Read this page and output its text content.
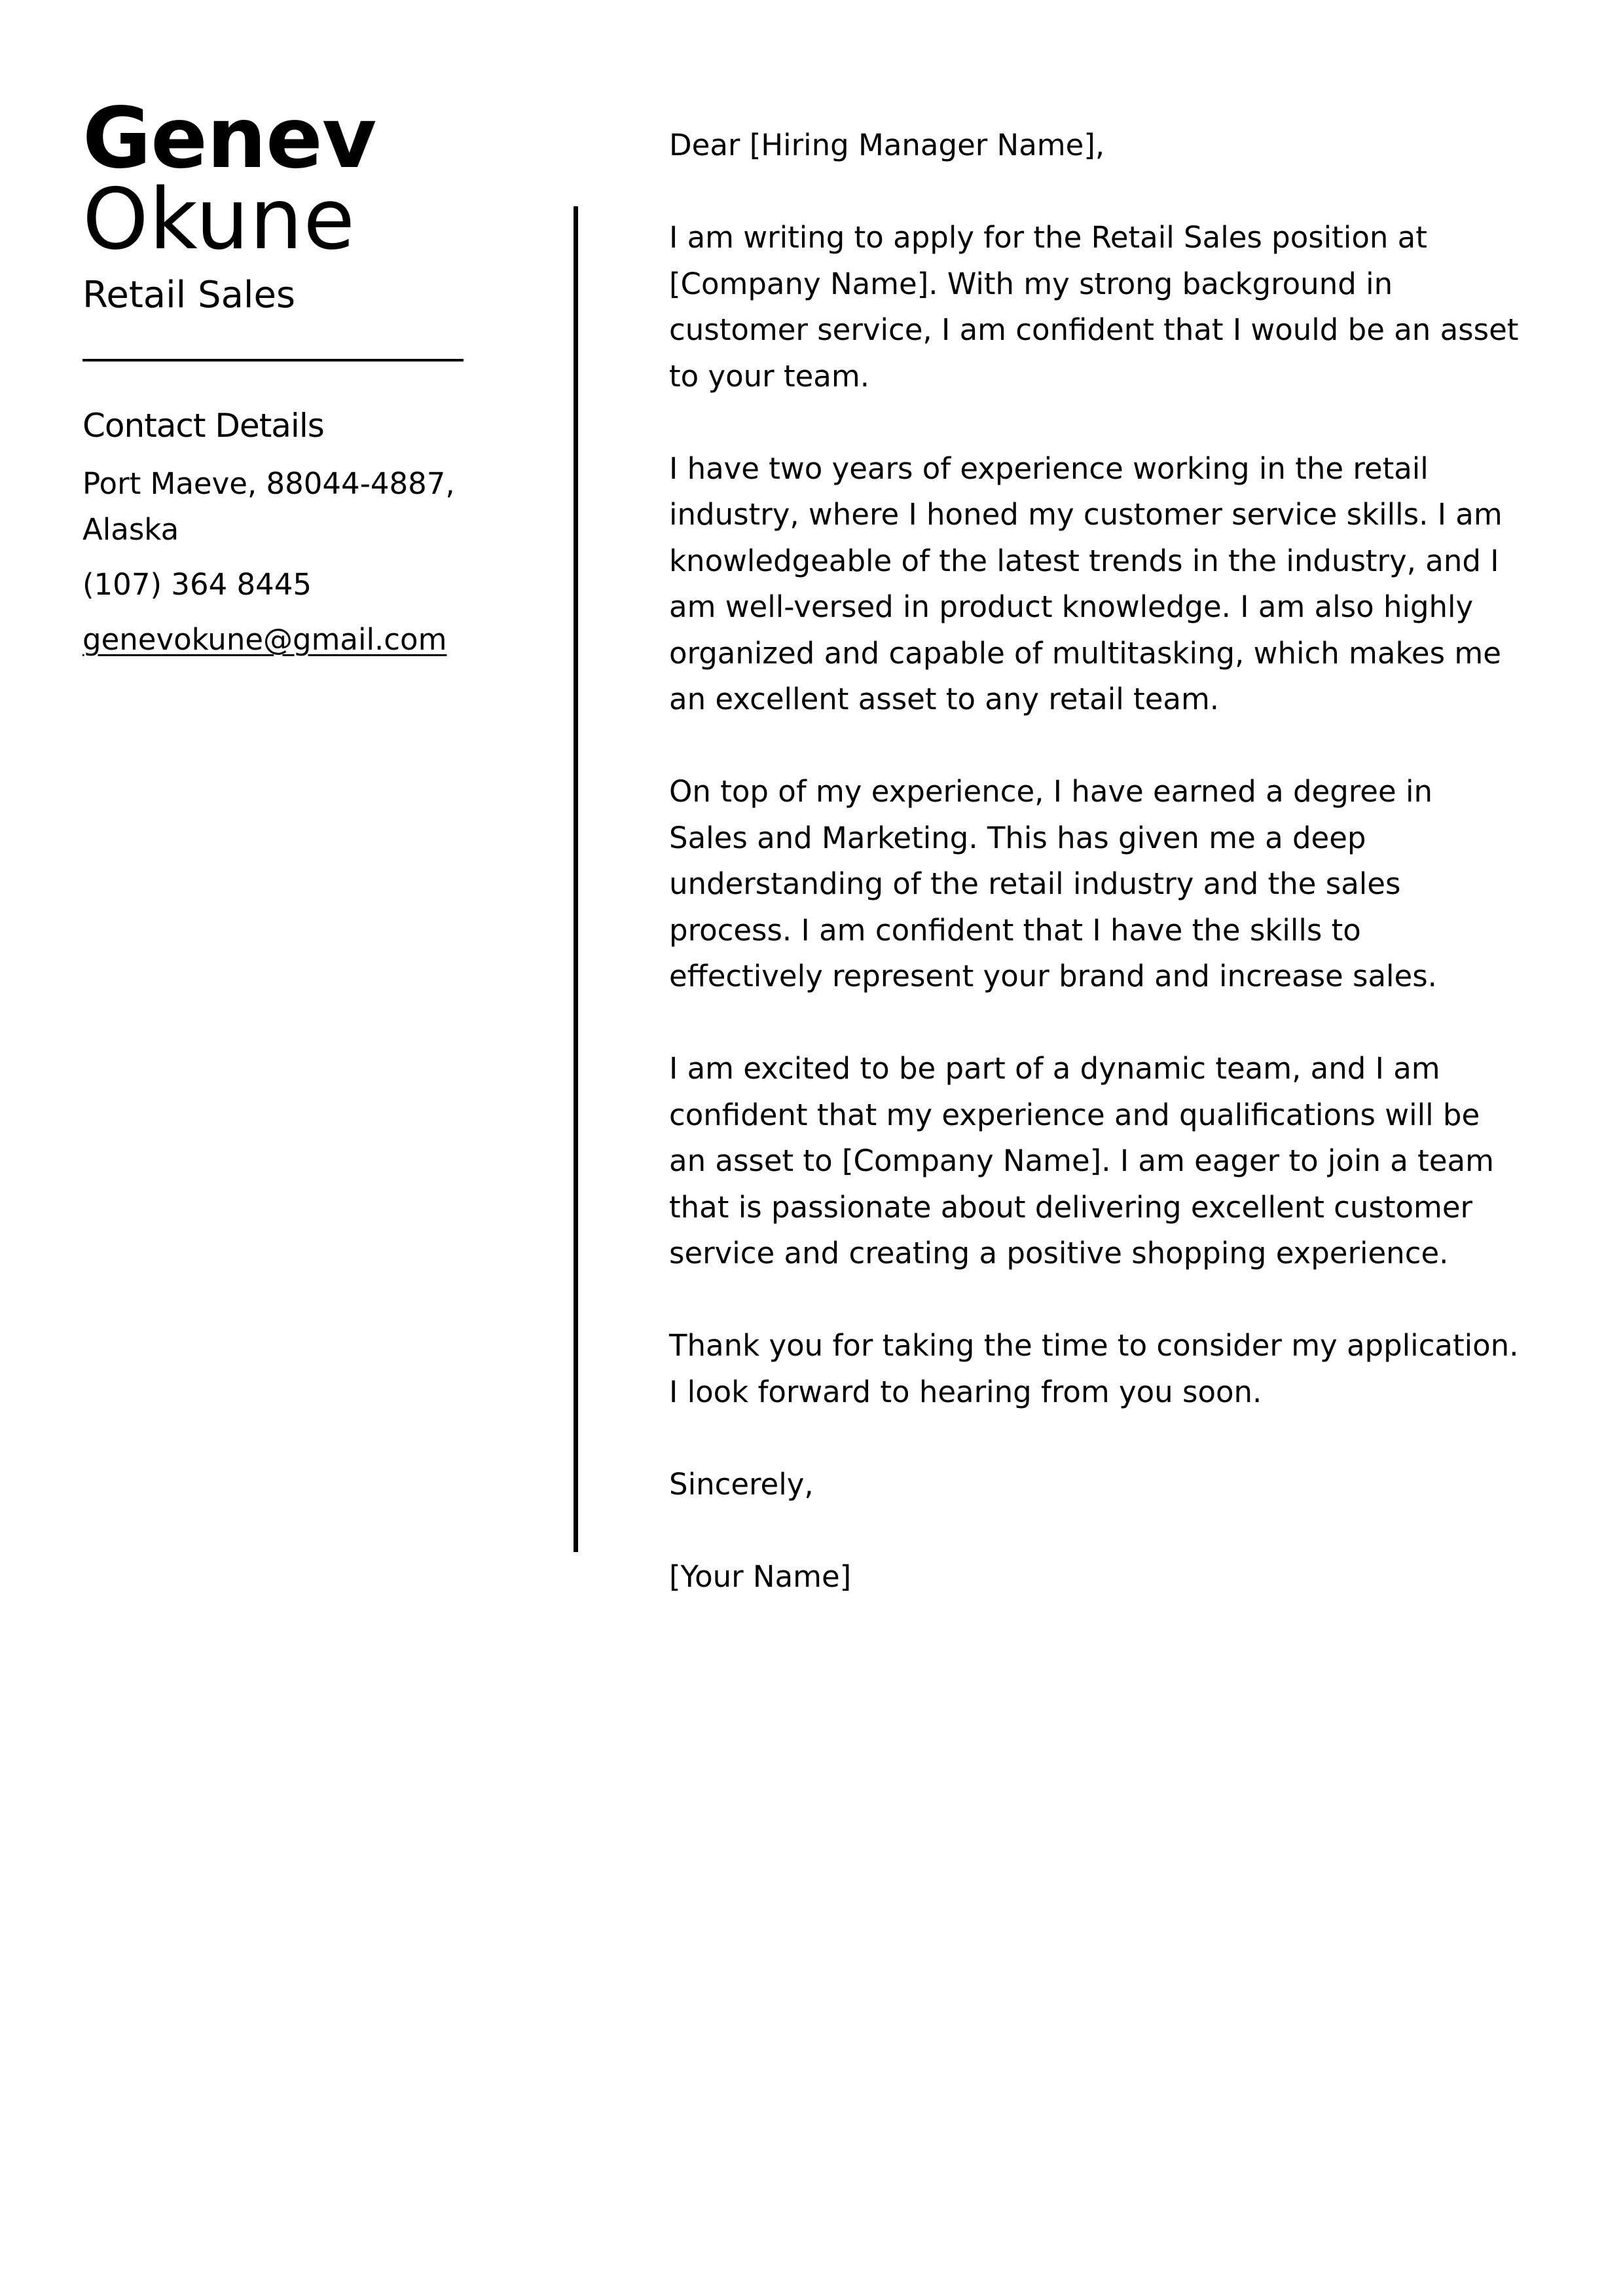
Genev
Okune
Retail Sales
Contact Details
Port Maeve, 88044-4887, Alaska
(107) 364 8445
genevokune@gmail.com

Dear [Hiring Manager Name],

I am writing to apply for the Retail Sales position at [Company Name]. With my strong background in customer service, I am confident that I would be an asset to your team.

I have two years of experience working in the retail industry, where I honed my customer service skills. I am knowledgeable of the latest trends in the industry, and I am well-versed in product knowledge. I am also highly organized and capable of multitasking, which makes me an excellent asset to any retail team.

On top of my experience, I have earned a degree in Sales and Marketing. This has given me a deep understanding of the retail industry and the sales process. I am confident that I have the skills to effectively represent your brand and increase sales.

I am excited to be part of a dynamic team, and I am confident that my experience and qualifications will be an asset to [Company Name]. I am eager to join a team that is passionate about delivering excellent customer service and creating a positive shopping experience.

Thank you for taking the time to consider my application. I look forward to hearing from you soon.

Sincerely,

[Your Name]
